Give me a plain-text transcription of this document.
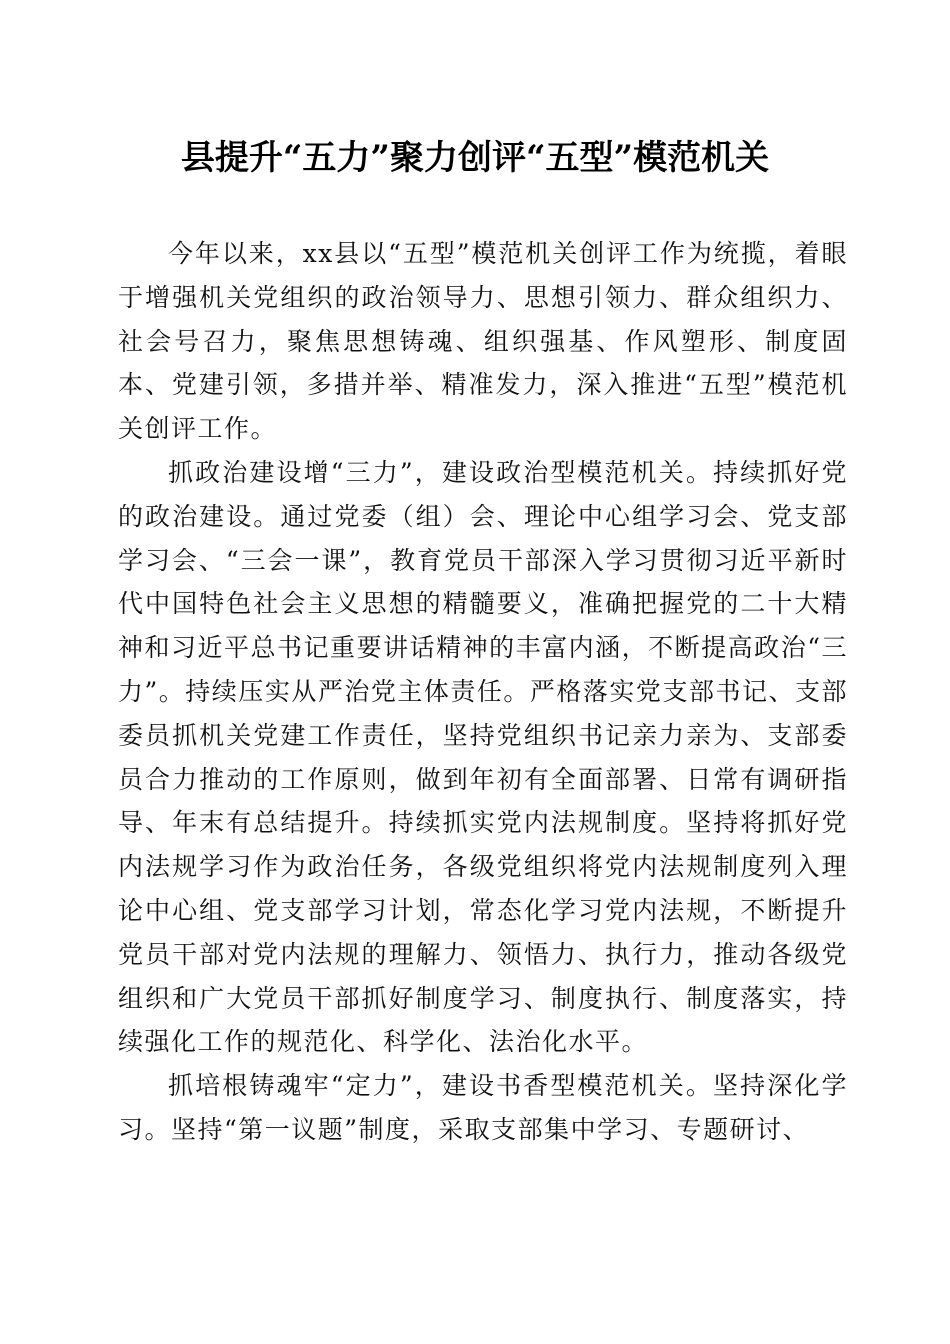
县提升“五力”聚力创评“五型”模范机关

今年以来，xx县以“五型”模范机关创评工作为统揽，着眼于增强机关党组织的政治领导力、思想引领力、群众组织力、社会号召力，聚焦思想铸魂、组织强基、作风塑形、制度固本、党建引领，多措并举、精准发力，深入推进“五型”模范机关创评工作。

抓政治建设增“三力”，建设政治型模范机关。持续抓好党的政治建设。通过党委（组）会、理论中心组学习会、党支部学习会、“三会一课”，教育党员干部深入学习贯彻习近平新时代中国特色社会主义思想的精髓要义，准确把握党的二十大精神和习近平总书记重要讲话精神的丰富内涵，不断提高政治“三力”。持续压实从严治党主体责任。严格落实党支部书记、支部委员抓机关党建工作责任，坚持党组织书记亲力亲为、支部委员合力推动的工作原则，做到年初有全面部署、日常有调研指导、年末有总结提升。持续抓实党内法规制度。坚持将抓好党内法规学习作为政治任务，各级党组织将党内法规制度列入理论中心组、党支部学习计划，常态化学习党内法规，不断提升党员干部对党内法规的理解力、领悟力、执行力，推动各级党组织和广大党员干部抓好制度学习、制度执行、制度落实，持续强化工作的规范化、科学化、法治化水平。

抓培根铸魂牢“定力”，建设书香型模范机关。坚持深化学习。坚持“第一议题”制度，采取支部集中学习、专题研讨、
